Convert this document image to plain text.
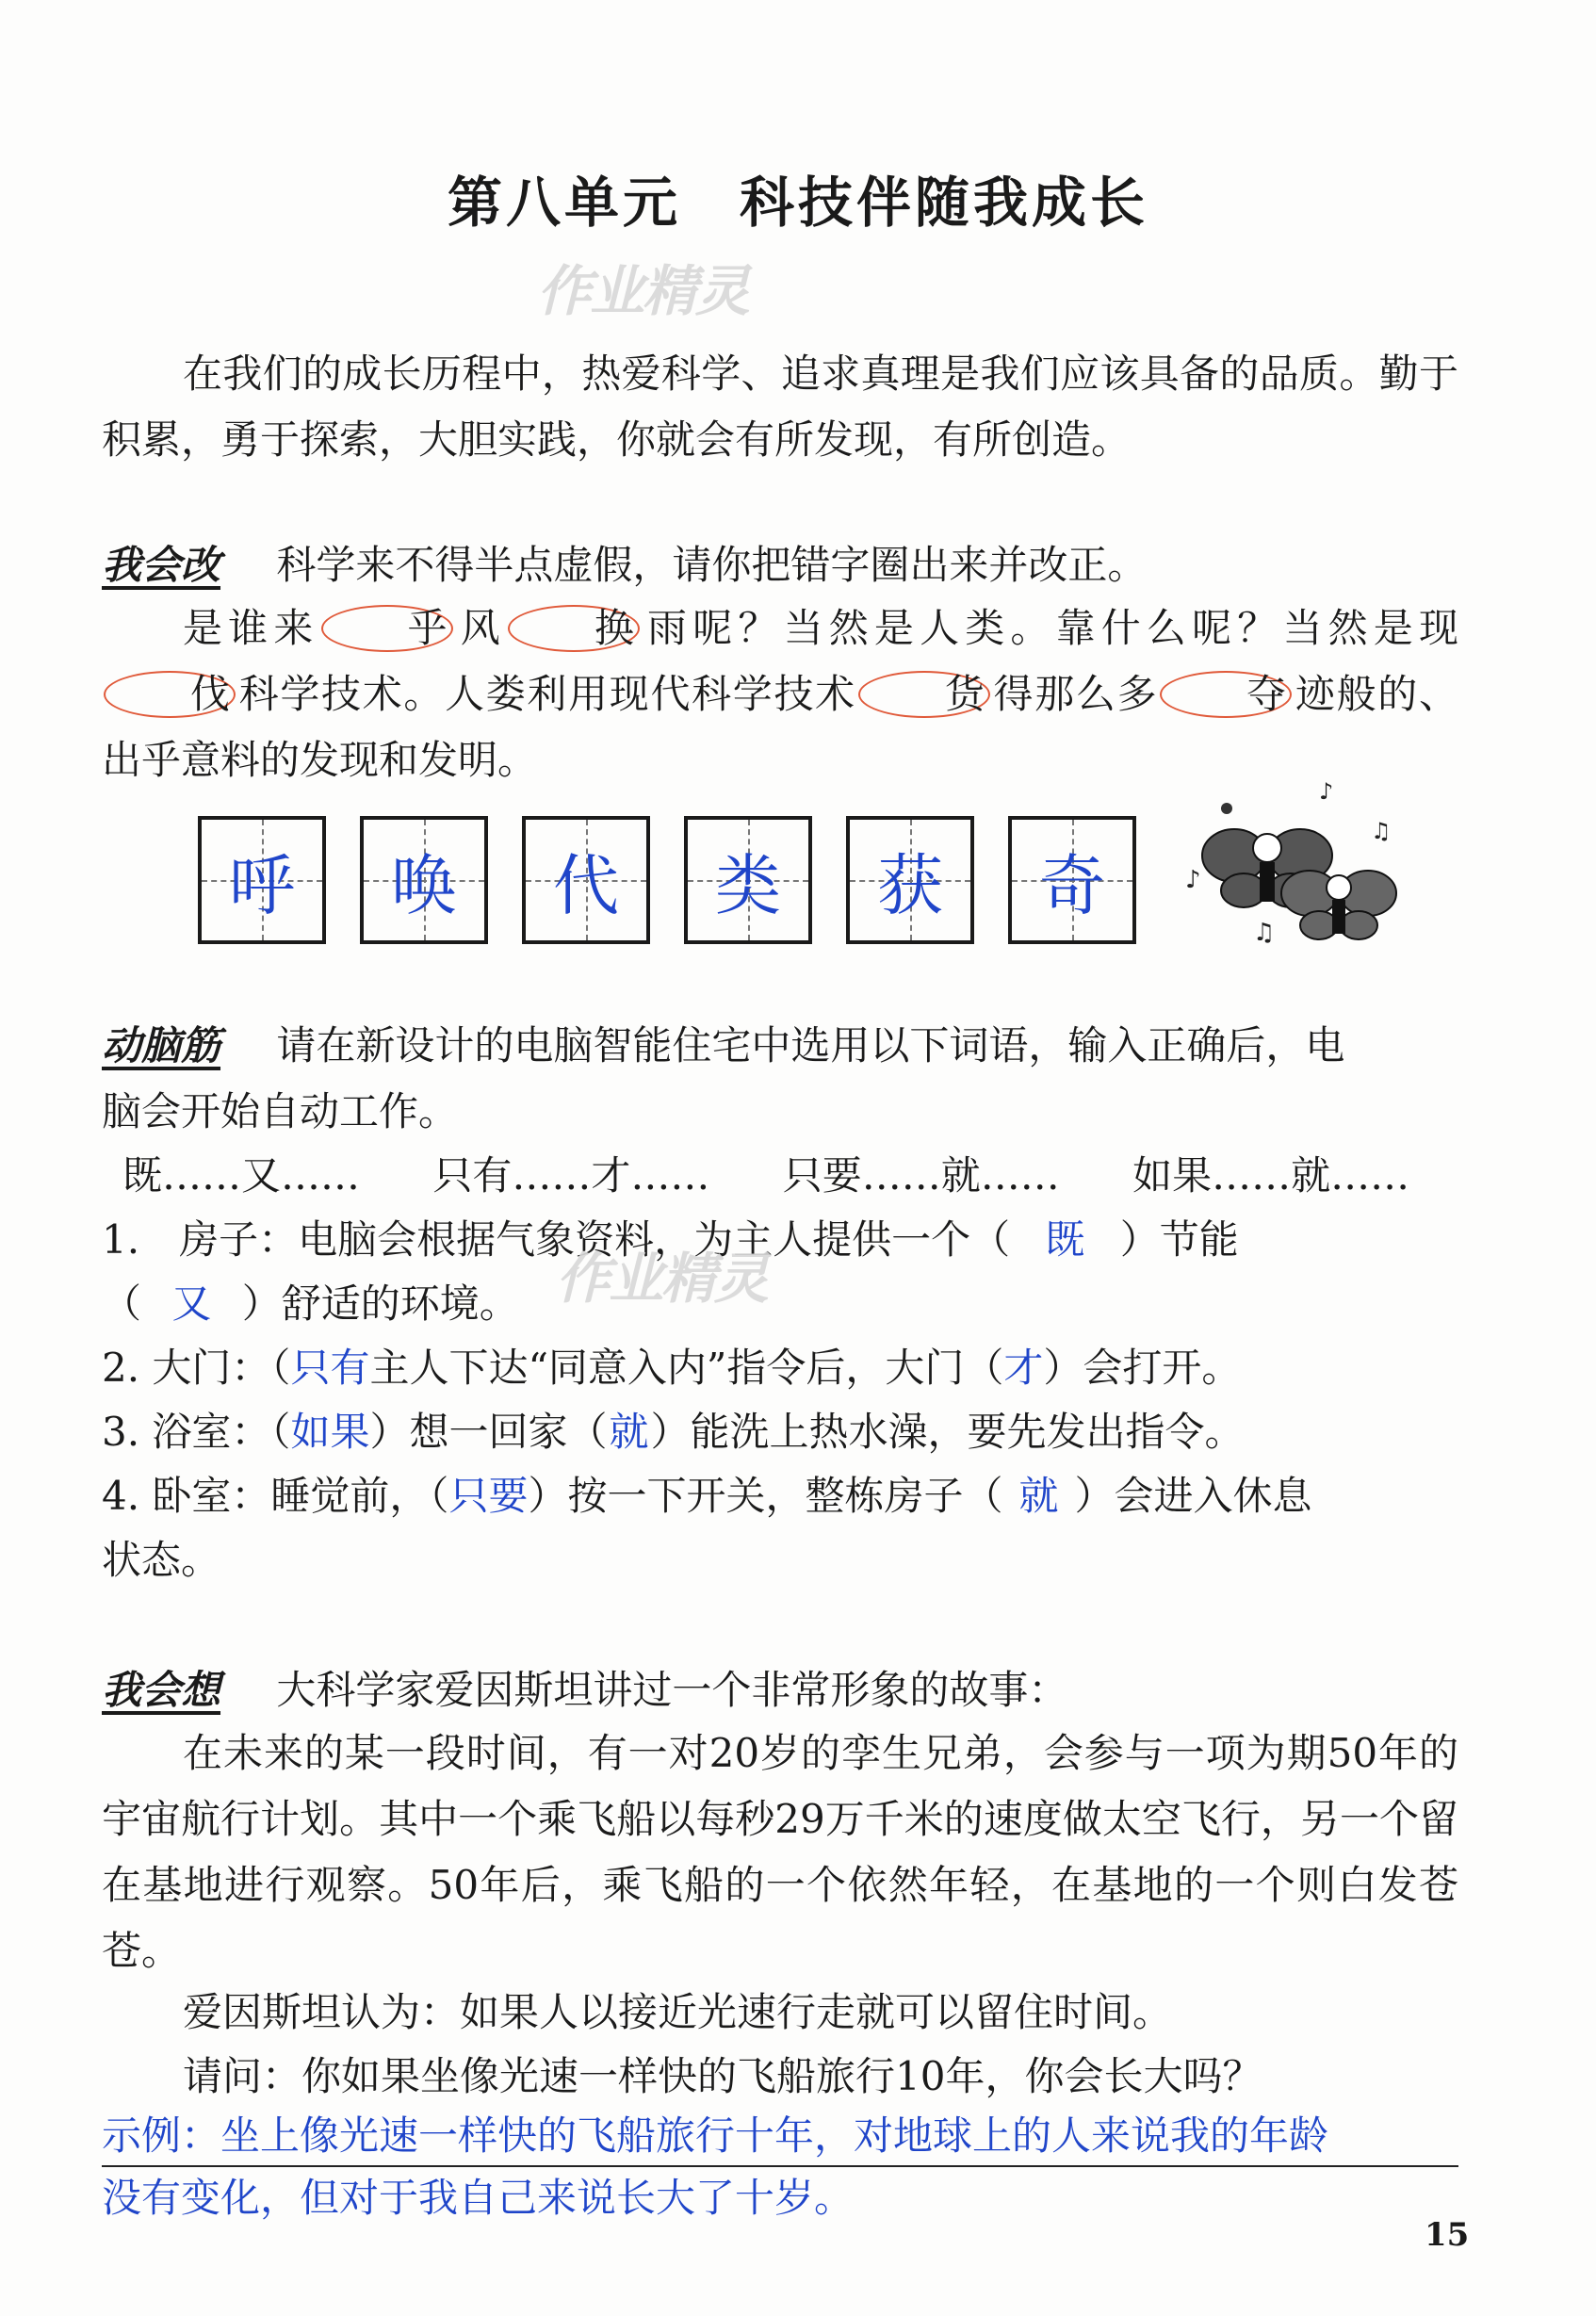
第八单元　科技伴随我成长
作业精灵
在我们的成长历程中，热爱科学、追求真理是我们应该具备的品质。勤于积累，勇于探索，大胆实践，你就会有所发现，有所创造。
我会改 科学来不得半点虚假，请你把错字圈出来并改正。
是谁来 乎 风 换 雨呢？当然是人类。靠什么呢？当然是现伐 科学技术。人娄利用现代科学技术 货 得那么多 夺 迹般的、出乎意料的发现和发明。
呼	唤	代	类	获	奇	♪
♪
♫
♫
动脑筋 请在新设计的电脑智能住宅中选用以下词语，输入正确后，电
脑会开始自动工作。
既……又…… 只有……才…… 只要……就…… 如果……就……
1.　房子：电脑会根据气象资料，为主人提供一个（ 既 ）节能
（ 又 ）舒适的环境。 作业精灵
2. 大门：（只有主人下达“同意入内”指令后，大门（才）会打开。
3. 浴室：（如果）想一回家（就）能洗上热水澡，要先发出指令。
4. 卧室：睡觉前，（只要）按一下开关，整栋房子（ 就 ）会进入休息
状态。
我会想 大科学家爱因斯坦讲过一个非常形象的故事：
在未来的某一段时间，有一对20岁的孪生兄弟，会参与一项为期50年的宇宙航行计划。其中一个乘飞船以每秒29万千米的速度做太空飞行，另一个留在基地进行观察。50年后，乘飞船的一个依然年轻，在基地的一个则白发苍苍。
爱因斯坦认为：如果人以接近光速行走就可以留住时间。
请问：你如果坐像光速一样快的飞船旅行10年，你会长大吗？
示例：坐上像光速一样快的飞船旅行十年，对地球上的人来说我的年龄
没有变化，但对于我自己来说长大了十岁。
15
